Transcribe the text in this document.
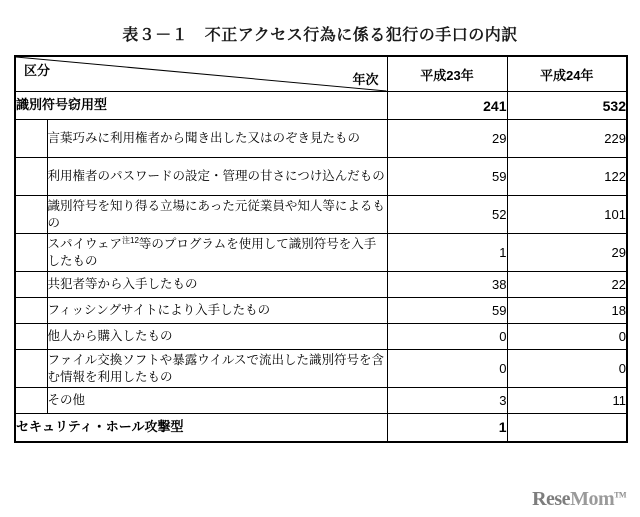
表３－１　不正アクセス行為に係る犯行の手口の内訳
区分
年次		平成23年	平成24年
識別符号窃用型		241	532
	言葉巧みに利用権者から聞き出した又はのぞき見たもの	29	229
	利用権者のパスワードの設定・管理の甘さにつけ込んだもの	59	122
	識別符号を知り得る立場にあった元従業員や知人等によるもの	52	101
	スパイウェア$^{注12}$等のプログラムを使用して識別符号を入手したもの	1	29
	共犯者等から入手したもの	38	22
	フィッシングサイトにより入手したもの	59	18
	他人から購入したもの	0	0
	ファイル交換ソフトや暴露ウイルスで流出した識別符号を含む情報を利用したもの	0	0
	その他	3	11
セキュリティ・ホール攻撃型		1	
ReseMom™
